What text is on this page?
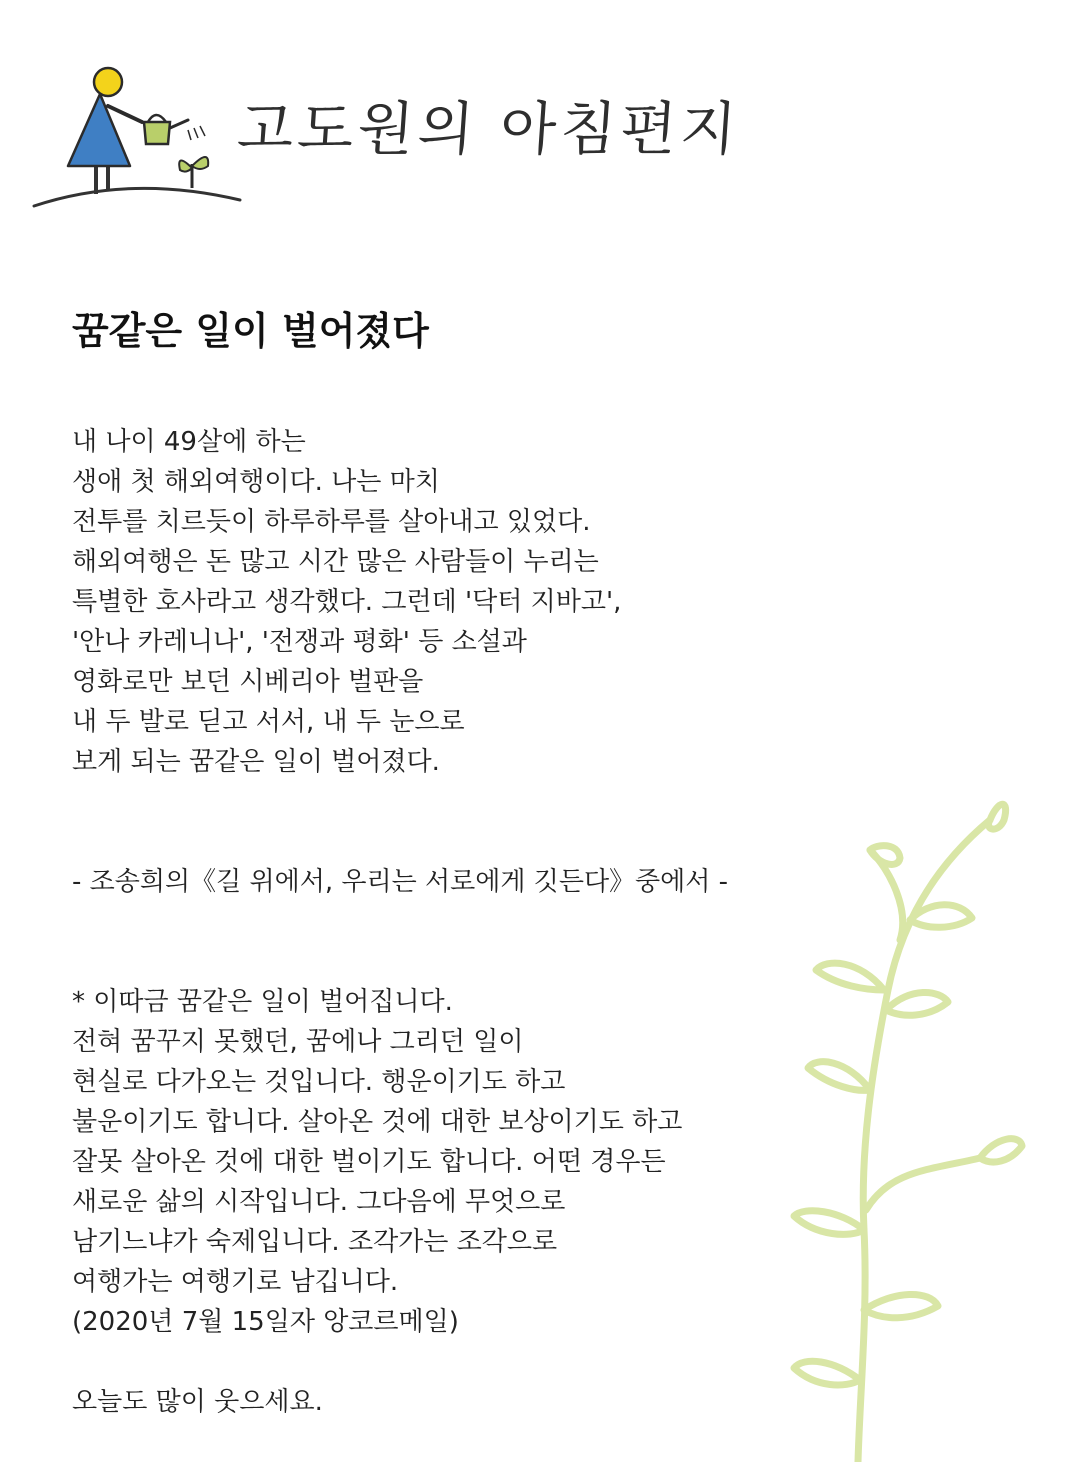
고도원의 아침편지
꿈같은 일이 벌어졌다
내 나이 49살에 하는
생애 첫 해외여행이다. 나는 마치
전투를 치르듯이 하루하루를 살아내고 있었다.
해외여행은 돈 많고 시간 많은 사람들이 누리는
특별한 호사라고 생각했다. 그런데 '닥터 지바고',
'안나 카레니나', '전쟁과 평화' 등 소설과
영화로만 보던 시베리아 벌판을
내 두 발로 딛고 서서, 내 두 눈으로
보게 되는 꿈같은 일이 벌어졌다.
- 조송희의《길 위에서, 우리는 서로에게 깃든다》중에서 -
* 이따금 꿈같은 일이 벌어집니다.
전혀 꿈꾸지 못했던, 꿈에나 그리던 일이
현실로 다가오는 것입니다. 행운이기도 하고
불운이기도 합니다. 살아온 것에 대한 보상이기도 하고
잘못 살아온 것에 대한 벌이기도 합니다. 어떤 경우든
새로운 삶의 시작입니다. 그다음에 무엇으로
남기느냐가 숙제입니다. 조각가는 조각으로
여행가는 여행기로 남깁니다.
(2020년 7월 15일자 앙코르메일)
오늘도 많이 웃으세요.
